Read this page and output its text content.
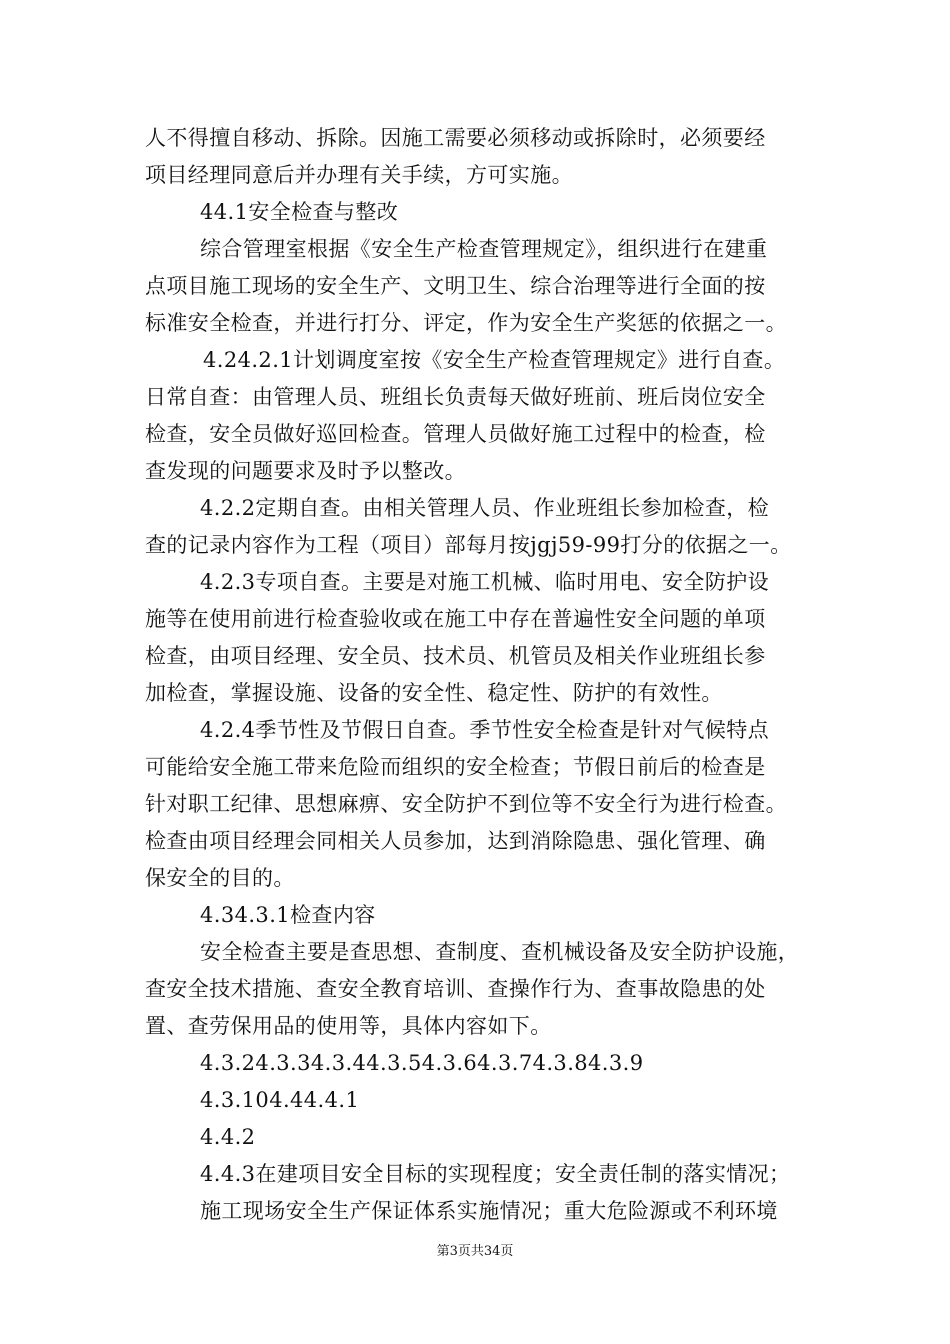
人不得擅自移动、拆除。因施工需要必须移动或拆除时，必须要经
项目经理同意后并办理有关手续，方可实施。
44.1安全检查与整改
综合管理室根据《安全生产检查管理规定》，组织进行在建重
点项目施工现场的安全生产、文明卫生、综合治理等进行全面的按
标准安全检查，并进行打分、评定，作为安全生产奖惩的依据之一。
4.24.2.1计划调度室按《安全生产检查管理规定》进行自查。
日常自查：由管理人员、班组长负责每天做好班前、班后岗位安全
检查，安全员做好巡回检查。管理人员做好施工过程中的检查，检
查发现的问题要求及时予以整改。
4.2.2定期自查。由相关管理人员、作业班组长参加检查，检
查的记录内容作为工程（项目）部每月按jgj59-99打分的依据之一。
4.2.3专项自查。主要是对施工机械、临时用电、安全防护设
施等在使用前进行检查验收或在施工中存在普遍性安全问题的单项
检查，由项目经理、安全员、技术员、机管员及相关作业班组长参
加检查，掌握设施、设备的安全性、稳定性、防护的有效性。
4.2.4季节性及节假日自查。季节性安全检查是针对气候特点
可能给安全施工带来危险而组织的安全检查；节假日前后的检查是
针对职工纪律、思想麻痹、安全防护不到位等不安全行为进行检查。
检查由项目经理会同相关人员参加，达到消除隐患、强化管理、确
保安全的目的。
4.34.3.1检查内容
安全检查主要是查思想、查制度、查机械设备及安全防护设施，
查安全技术措施、查安全教育培训、查操作行为、查事故隐患的处
置、查劳保用品的使用等，具体内容如下。
4.3.24.3.34.3.44.3.54.3.64.3.74.3.84.3.9
4.3.104.44.4.1
4.4.2
4.4.3在建项目安全目标的实现程度；安全责任制的落实情况；
施工现场安全生产保证体系实施情况；重大危险源或不利环境
第3页共34页
